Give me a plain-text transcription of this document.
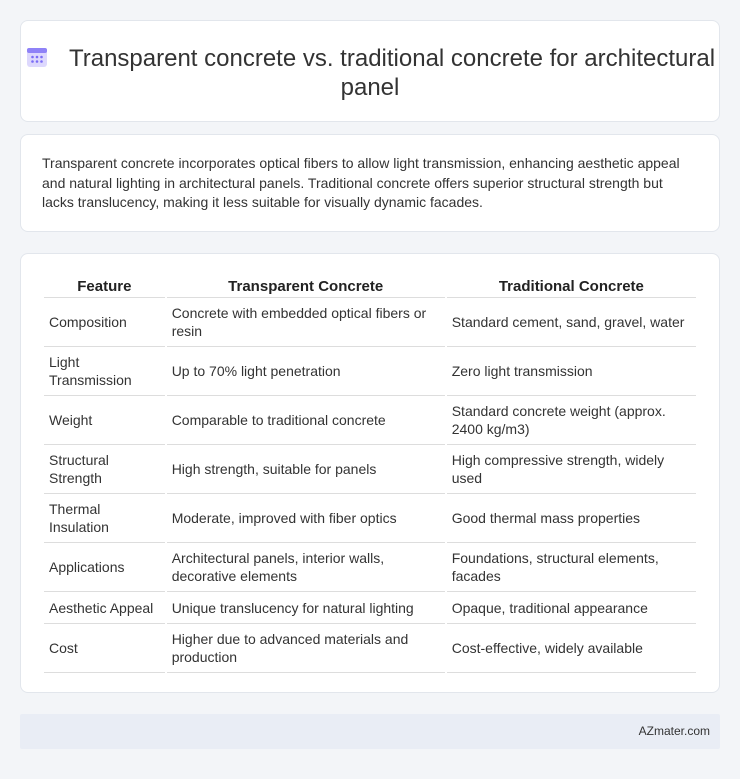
Transparent concrete vs. traditional concrete for architectural panel

Transparent concrete incorporates optical fibers to allow light transmission, enhancing aesthetic appeal and natural lighting in architectural panels. Traditional concrete offers superior structural strength but lacks translucency, making it less suitable for visually dynamic facades.

Feature	Transparent Concrete	Traditional Concrete
Composition	Concrete with embedded optical fibers or resin	Standard cement, sand, gravel, water
Light Transmission	Up to 70% light penetration	Zero light transmission
Weight	Comparable to traditional concrete	Standard concrete weight (approx. 2400 kg/m3)
Structural Strength	High strength, suitable for panels	High compressive strength, widely used
Thermal Insulation	Moderate, improved with fiber optics	Good thermal mass properties
Applications	Architectural panels, interior walls, decorative elements	Foundations, structural elements, facades
Aesthetic Appeal	Unique translucency for natural lighting	Opaque, traditional appearance
Cost	Higher due to advanced materials and production	Cost-effective, widely available
AZmater.com
